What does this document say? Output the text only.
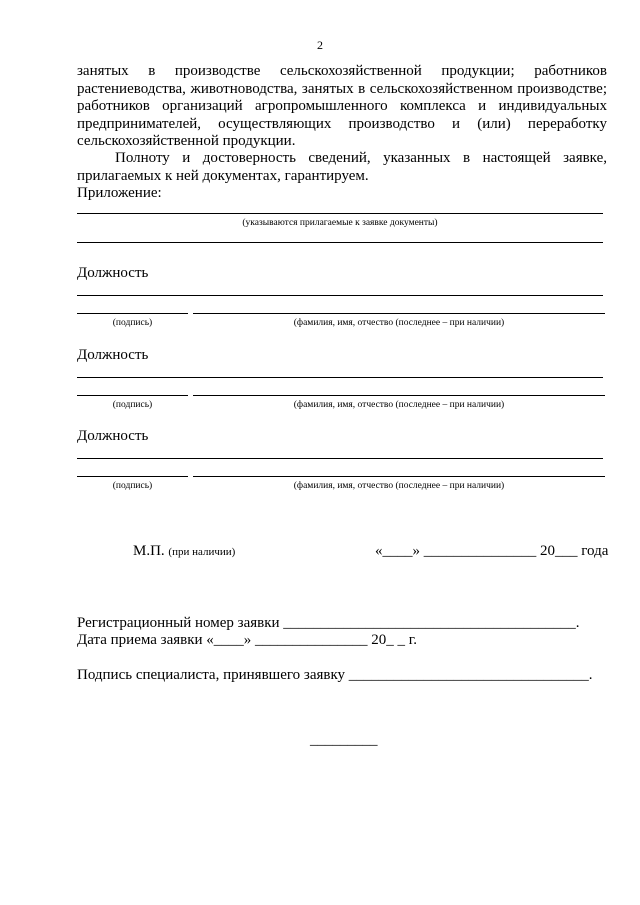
2
занятых в производстве сельскохозяйственной продукции; работников растениеводства, животноводства, занятых в сельскохозяйственном производстве; работников организаций агропромышленного комплекса и индивидуальных предпринимателей, осуществляющих производство и (или) переработку сельскохозяйственной продукции.
Полноту и достоверность сведений, указанных в настоящей заявке, прилагаемых к ней документах, гарантируем.
Приложение:
(указываются прилагаемые к заявке документы)
Должность
(подпись)	(фамилия, имя, отчество (последнее – при наличии)
Должность
(подпись)	(фамилия, имя, отчество (последнее – при наличии)
Должность
(подпись)	(фамилия, имя, отчество (последнее – при наличии)
М.П. (при наличии)	«____» _______________ 20___ года
Регистрационный номер заявки _______________________________________.
Дата приема заявки «____» _______________ 20_ _ г.
Подпись специалиста, принявшего заявку ________________________________.
_________
